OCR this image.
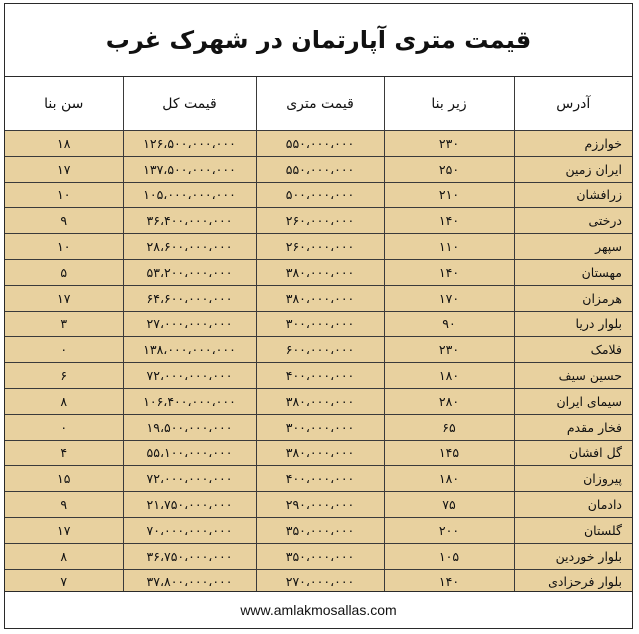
قیمت متری آپارتمان در شهرک غرب
آدرس	زیر بنا	قیمت متری	قیمت کل	سن بنا
خوارزم	۲۳۰	۵۵۰،۰۰۰،۰۰۰	۱۲۶،۵۰۰،۰۰۰،۰۰۰	۱۸
ایران زمین	۲۵۰	۵۵۰،۰۰۰،۰۰۰	۱۳۷،۵۰۰،۰۰۰،۰۰۰	۱۷
زرافشان	۲۱۰	۵۰۰،۰۰۰،۰۰۰	۱۰۵،۰۰۰،۰۰۰،۰۰۰	۱۰
درختی	۱۴۰	۲۶۰،۰۰۰،۰۰۰	۳۶،۴۰۰،۰۰۰،۰۰۰	۹
سپهر	۱۱۰	۲۶۰،۰۰۰،۰۰۰	۲۸،۶۰۰،۰۰۰،۰۰۰	۱۰
مهستان	۱۴۰	۳۸۰،۰۰۰،۰۰۰	۵۳،۲۰۰،۰۰۰،۰۰۰	۵
هرمزان	۱۷۰	۳۸۰،۰۰۰،۰۰۰	۶۴،۶۰۰،۰۰۰،۰۰۰	۱۷
بلوار دریا	۹۰	۳۰۰،۰۰۰،۰۰۰	۲۷،۰۰۰،۰۰۰،۰۰۰	۳
فلامک	۲۳۰	۶۰۰،۰۰۰،۰۰۰	۱۳۸،۰۰۰،۰۰۰،۰۰۰	۰
حسین سیف	۱۸۰	۴۰۰،۰۰۰،۰۰۰	۷۲،۰۰۰،۰۰۰،۰۰۰	۶
سیمای ایران	۲۸۰	۳۸۰،۰۰۰،۰۰۰	۱۰۶،۴۰۰،۰۰۰،۰۰۰	۸
فخار مقدم	۶۵	۳۰۰،۰۰۰،۰۰۰	۱۹،۵۰۰،۰۰۰،۰۰۰	۰
گل افشان	۱۴۵	۳۸۰،۰۰۰،۰۰۰	۵۵،۱۰۰،۰۰۰،۰۰۰	۴
پیروزان	۱۸۰	۴۰۰،۰۰۰،۰۰۰	۷۲،۰۰۰،۰۰۰،۰۰۰	۱۵
دادمان	۷۵	۲۹۰،۰۰۰،۰۰۰	۲۱،۷۵۰،۰۰۰،۰۰۰	۹
گلستان	۲۰۰	۳۵۰،۰۰۰،۰۰۰	۷۰،۰۰۰،۰۰۰،۰۰۰	۱۷
بلوار خوردین	۱۰۵	۳۵۰،۰۰۰،۰۰۰	۳۶،۷۵۰،۰۰۰،۰۰۰	۸
بلوار فرحزادی	۱۴۰	۲۷۰،۰۰۰،۰۰۰	۳۷،۸۰۰،۰۰۰،۰۰۰	۷
www.amlakmosallas.com
